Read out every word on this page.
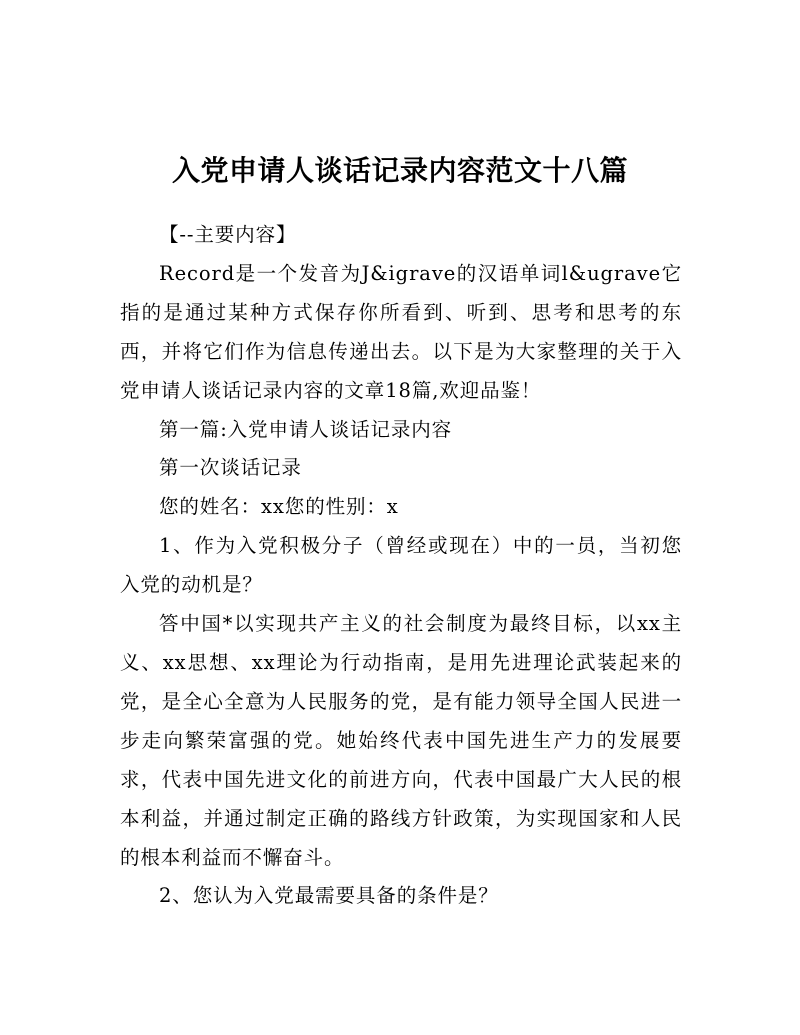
入党申请人谈话记录内容范文十八篇

【--主要内容】

Record是一个发音为J&igrave的汉语单词l&ugrave它指的是通过某种方式保存你所看到、听到、思考和思考的东西，并将它们作为信息传递出去。以下是为大家整理的关于入党申请人谈话记录内容的文章18篇,欢迎品鉴！

第一篇:入党申请人谈话记录内容

第一次谈话记录

您的姓名：xx您的性别：x

1、作为入党积极分子（曾经或现在）中的一员，当初您入党的动机是？

答中国*以实现共产主义的社会制度为最终目标，以xx主义、xx思想、xx理论为行动指南，是用先进理论武装起来的党，是全心全意为人民服务的党，是有能力领导全国人民进一步走向繁荣富强的党。她始终代表中国先进生产力的发展要求，代表中国先进文化的前进方向，代表中国最广大人民的根本利益，并通过制定正确的路线方针政策，为实现国家和人民的根本利益而不懈奋斗。

2、您认为入党最需要具备的条件是？
